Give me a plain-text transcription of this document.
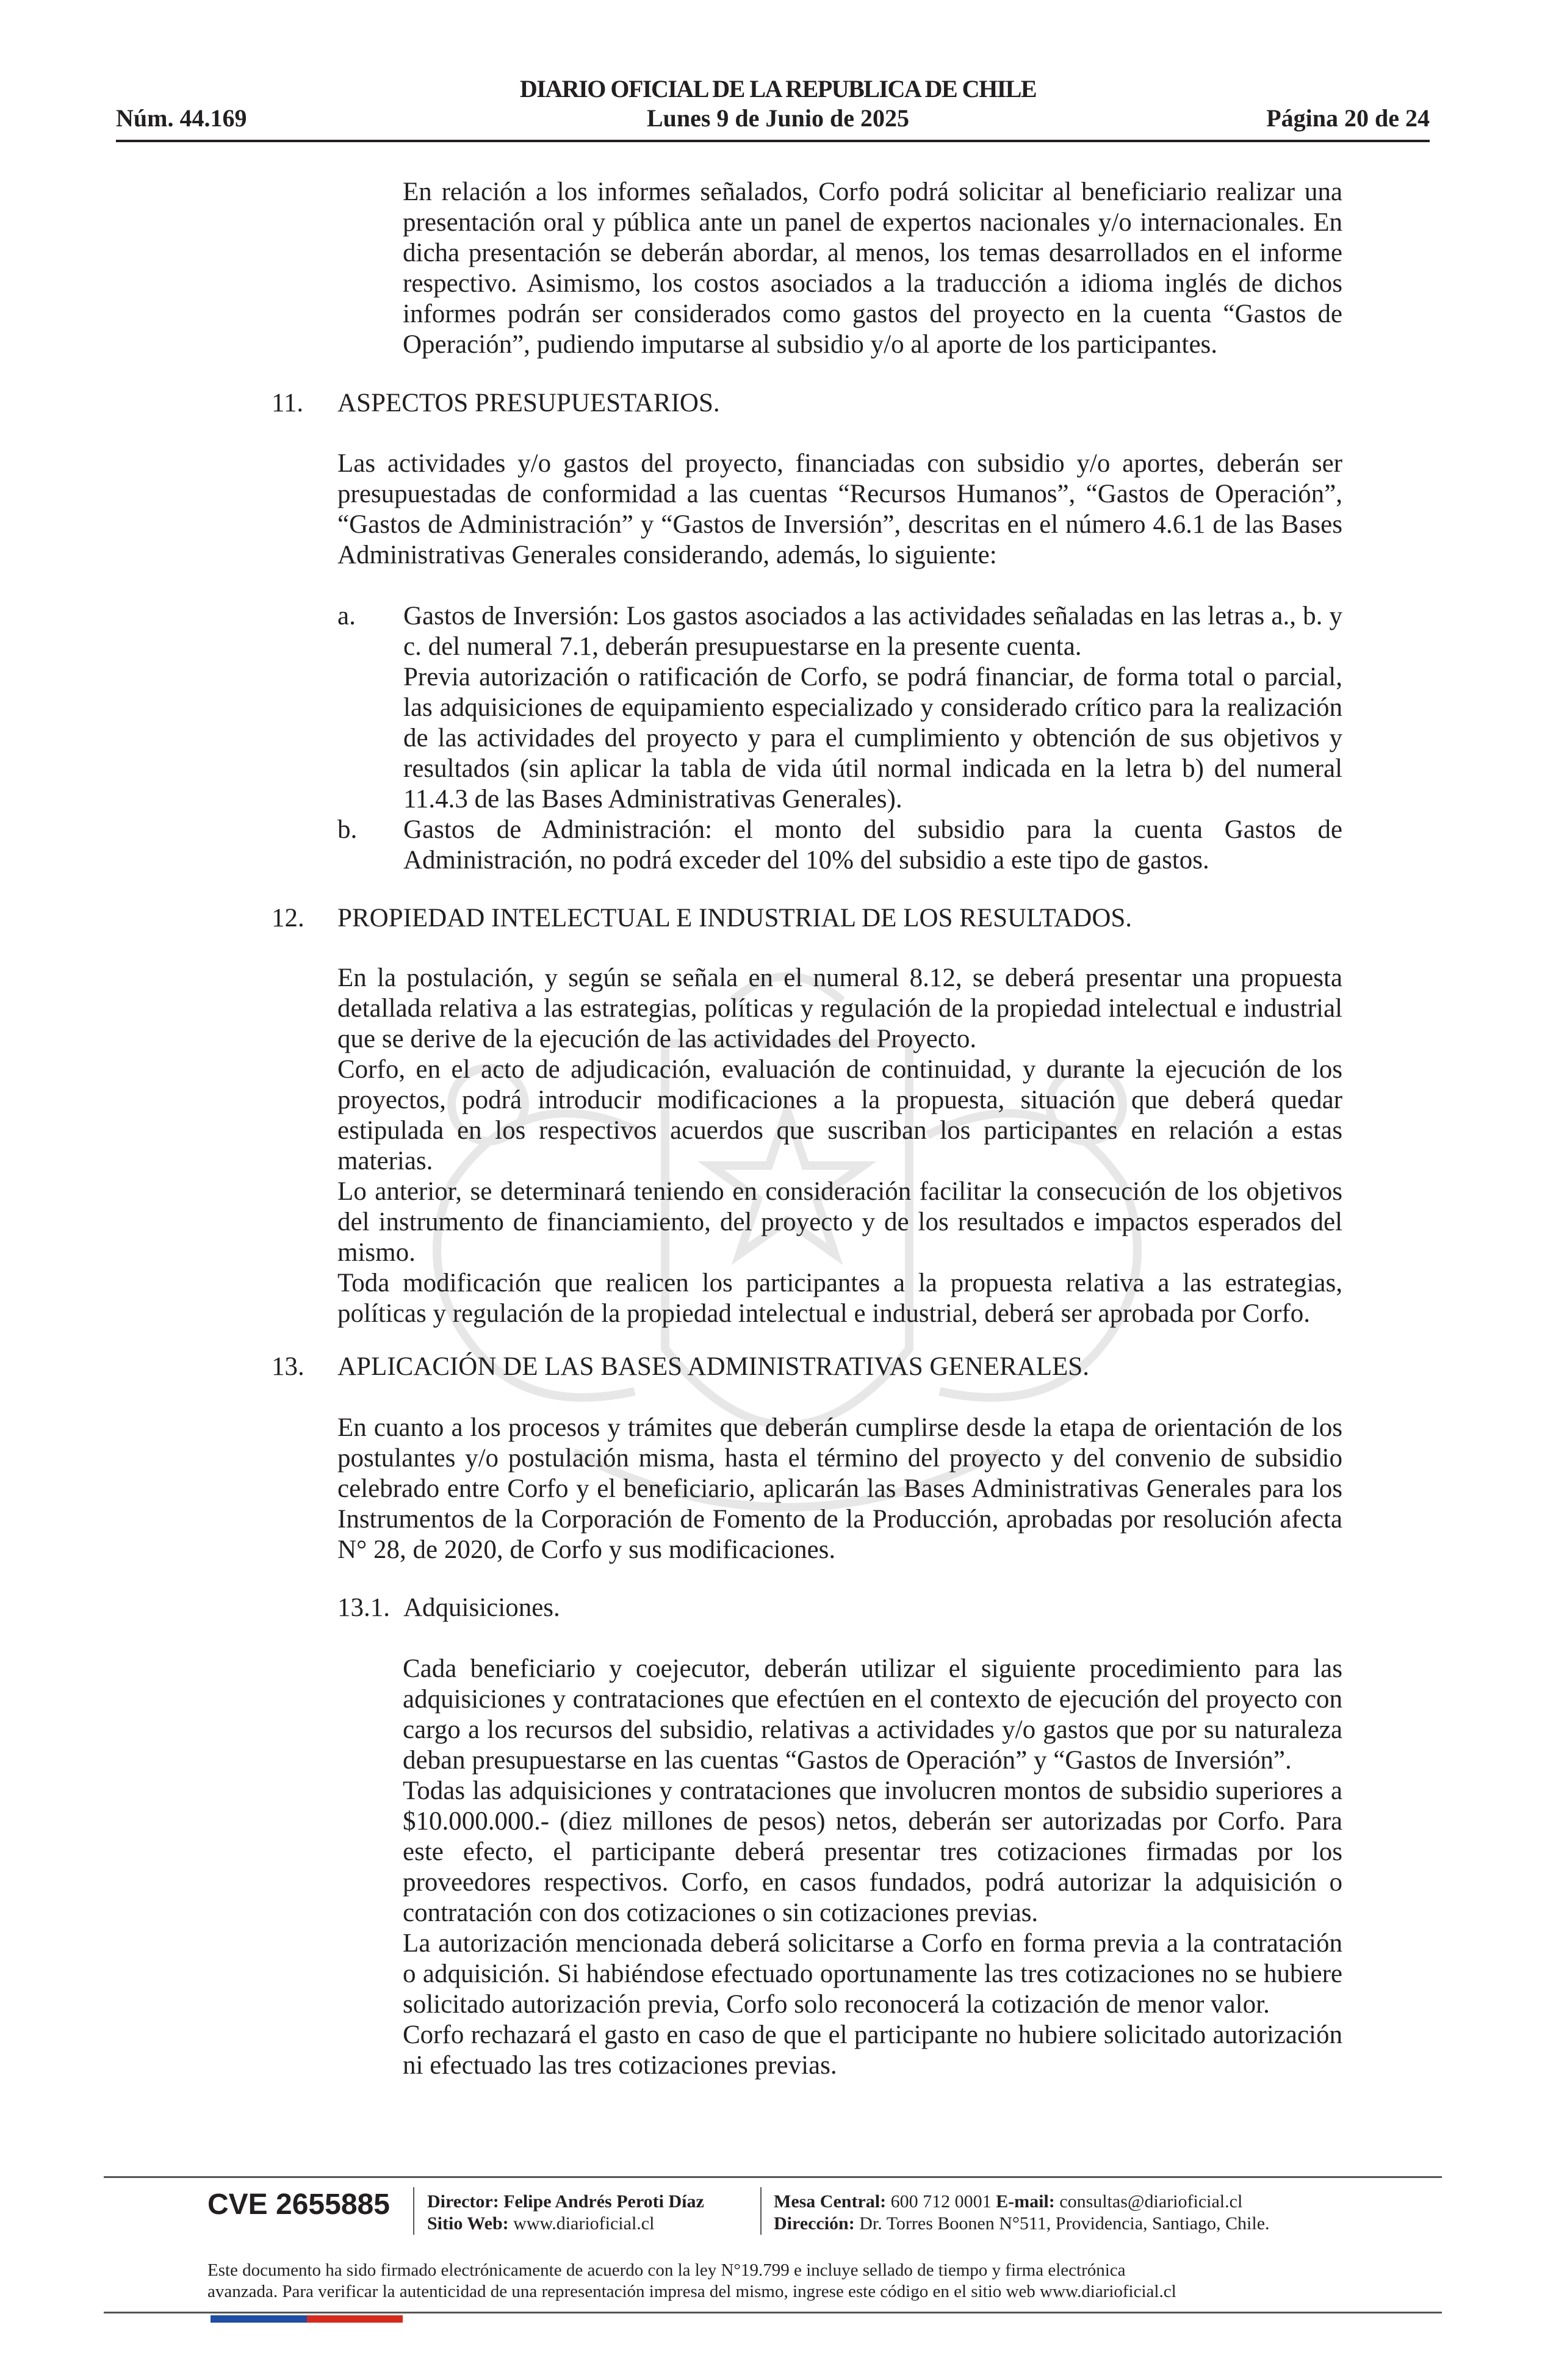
DIARIO OFICIAL DE LA REPUBLICA DE CHILE
Núm. 44.169	Lunes 9 de Junio de 2025	Página 20 de 24

En relación a los informes señalados, Corfo podrá solicitar al beneficiario realizar una presentación oral y pública ante un panel de expertos nacionales y/o internacionales. En dicha presentación se deberán abordar, al menos, los temas desarrollados en el informe respectivo. Asimismo, los costos asociados a la traducción a idioma inglés de dichos informes podrán ser considerados como gastos del proyecto en la cuenta “Gastos de Operación”, pudiendo imputarse al subsidio y/o al aporte de los participantes.

11. ASPECTOS PRESUPUESTARIOS.

Las actividades y/o gastos del proyecto, financiadas con subsidio y/o aportes, deberán ser presupuestadas de conformidad a las cuentas “Recursos Humanos”, “Gastos de Operación”, “Gastos de Administración” y “Gastos de Inversión”, descritas en el número 4.6.1 de las Bases Administrativas Generales considerando, además, lo siguiente:

a. Gastos de Inversión: Los gastos asociados a las actividades señaladas en las letras a., b. y c. del numeral 7.1, deberán presupuestarse en la presente cuenta.

Previa autorización o ratificación de Corfo, se podrá financiar, de forma total o parcial, las adquisiciones de equipamiento especializado y considerado crítico para la realización de las actividades del proyecto y para el cumplimiento y obtención de sus objetivos y resultados (sin aplicar la tabla de vida útil normal indicada en la letra b) del numeral 11.4.3 de las Bases Administrativas Generales).

b. Gastos de Administración: el monto del subsidio para la cuenta Gastos de Administración, no podrá exceder del 10% del subsidio a este tipo de gastos.

12. PROPIEDAD INTELECTUAL E INDUSTRIAL DE LOS RESULTADOS.

En la postulación, y según se señala en el numeral 8.12, se deberá presentar una propuesta detallada relativa a las estrategias, políticas y regulación de la propiedad intelectual e industrial que se derive de la ejecución de las actividades del Proyecto.

Corfo, en el acto de adjudicación, evaluación de continuidad, y durante la ejecución de los proyectos, podrá introducir modificaciones a la propuesta, situación que deberá quedar estipulada en los respectivos acuerdos que suscriban los participantes en relación a estas materias.

Lo anterior, se determinará teniendo en consideración facilitar la consecución de los objetivos del instrumento de financiamiento, del proyecto y de los resultados e impactos esperados del mismo.

Toda modificación que realicen los participantes a la propuesta relativa a las estrategias, políticas y regulación de la propiedad intelectual e industrial, deberá ser aprobada por Corfo.

13. APLICACIÓN DE LAS BASES ADMINISTRATIVAS GENERALES.

En cuanto a los procesos y trámites que deberán cumplirse desde la etapa de orientación de los postulantes y/o postulación misma, hasta el término del proyecto y del convenio de subsidio celebrado entre Corfo y el beneficiario, aplicarán las Bases Administrativas Generales para los Instrumentos de la Corporación de Fomento de la Producción, aprobadas por resolución afecta N° 28, de 2020, de Corfo y sus modificaciones.

13.1. Adquisiciones.

Cada beneficiario y coejecutor, deberán utilizar el siguiente procedimiento para las adquisiciones y contrataciones que efectúen en el contexto de ejecución del proyecto con cargo a los recursos del subsidio, relativas a actividades y/o gastos que por su naturaleza deban presupuestarse en las cuentas “Gastos de Operación” y “Gastos de Inversión”.

Todas las adquisiciones y contrataciones que involucren montos de subsidio superiores a $10.000.000.- (diez millones de pesos) netos, deberán ser autorizadas por Corfo. Para este efecto, el participante deberá presentar tres cotizaciones firmadas por los proveedores respectivos. Corfo, en casos fundados, podrá autorizar la adquisición o contratación con dos cotizaciones o sin cotizaciones previas.

La autorización mencionada deberá solicitarse a Corfo en forma previa a la contratación o adquisición. Si habiéndose efectuado oportunamente las tres cotizaciones no se hubiere solicitado autorización previa, Corfo solo reconocerá la cotización de menor valor.

Corfo rechazará el gasto en caso de que el participante no hubiere solicitado autorización ni efectuado las tres cotizaciones previas.

CVE 2655885 Director: Felipe Andrés Peroti Díaz
Sitio Web: www.diarioficial.cl
Mesa Central: 600 712 0001 E-mail: consultas@diarioficial.cl
Dirección: Dr. Torres Boonen N°511, Providencia, Santiago, Chile.
Este documento ha sido firmado electrónicamente de acuerdo con la ley N°19.799 e incluye sellado de tiempo y firma electrónica
avanzada. Para verificar la autenticidad de una representación impresa del mismo, ingrese este código en el sitio web www.diarioficial.cl
